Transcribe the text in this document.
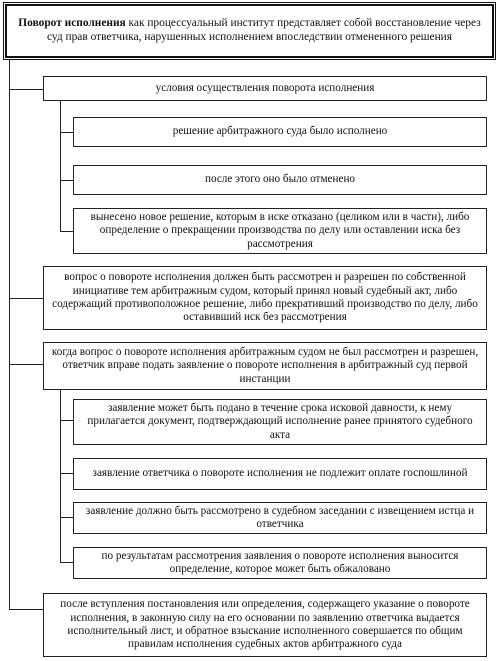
Поворот исполнения как процессуальный институт представляет собой восстановление через суд прав ответчика, нарушенных исполнением впоследствии отмененного решения
условия осуществления поворота исполнения
решение арбитражного суда было исполнено
после этого оно было отменено
вынесено новое решение, которым в иске отказано (целиком или в части), либо определение о прекращении производства по делу или оставлении иска без рассмотрения
вопрос о повороте исполнения должен быть рассмотрен и разрешен по собственной инициативе тем арбитражным судом, который принял новый судебный акт, либо содержащий противоположное решение, либо прекративший производство по делу, либо оставивший иск без рассмотрения
когда вопрос о повороте исполнения арбитражным судом не был рассмотрен и разрешен, ответчик вправе подать заявление о повороте исполнения в арбитражный суд первой инстанции
заявление может быть подано в течение срока исковой давности, к нему прилагается документ, подтверждающий исполнение ранее принятого судебного акта
заявление ответчика о повороте исполнения не подлежит оплате госпошлиной
заявление должно быть рассмотрено в судебном заседании с извещением истца и ответчика
по результатам рассмотрения заявления о повороте исполнения выносится определение, которое может быть обжаловано
после вступления постановления или определения, содержащего указание о повороте исполнения, в законную силу на его основании по заявлению ответчика выдается исполнительный лист, и обратное взыскание исполненного совершается по общим правилам исполнения судебных актов арбитражного суда
